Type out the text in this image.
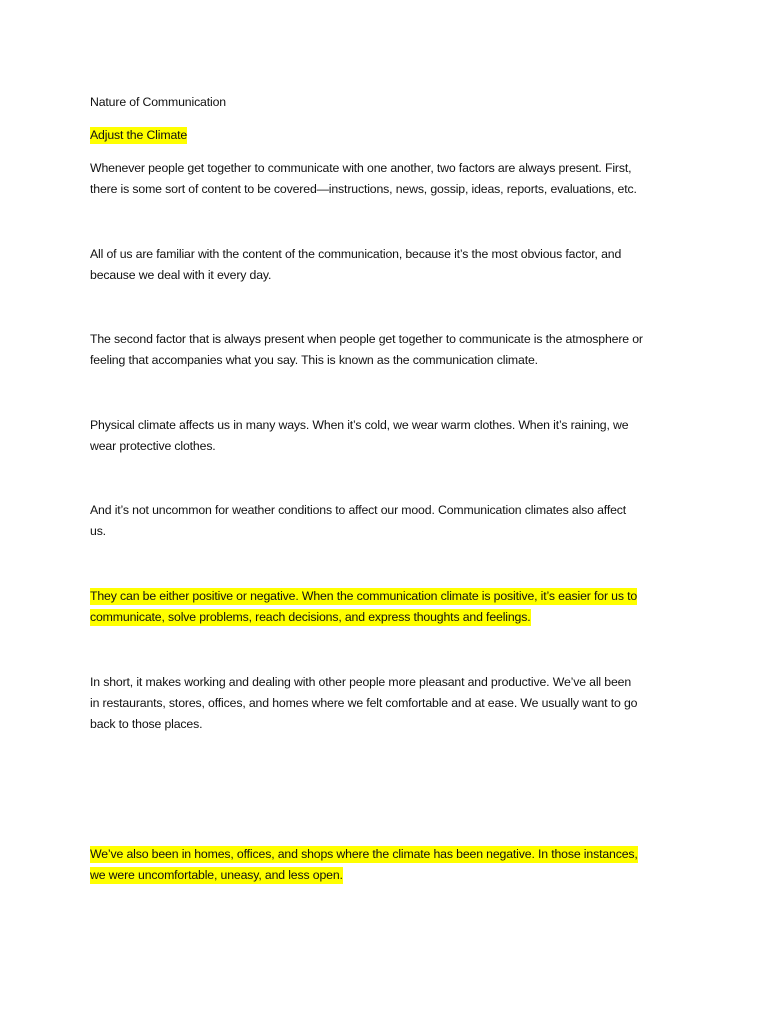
Nature of Communication
Adjust the Climate
Whenever people get together to communicate with one another, two factors are always present. First,
there is some sort of content to be covered—instructions, news, gossip, ideas, reports, evaluations, etc.
All of us are familiar with the content of the communication, because it’s the most obvious factor, and
because we deal with it every day.
The second factor that is always present when people get together to communicate is the atmosphere or
feeling that accompanies what you say. This is known as the communication climate.
Physical climate affects us in many ways. When it’s cold, we wear warm clothes. When it’s raining, we
wear protective clothes.
And it’s not uncommon for weather conditions to affect our mood. Communication climates also affect
us.
They can be either positive or negative. When the communication climate is positive, it’s easier for us to
communicate, solve problems, reach decisions, and express thoughts and feelings.
In short, it makes working and dealing with other people more pleasant and productive. We’ve all been
in restaurants, stores, offices, and homes where we felt comfortable and at ease. We usually want to go
back to those places.
We’ve also been in homes, offices, and shops where the climate has been negative. In those instances,
we were uncomfortable, uneasy, and less open.
